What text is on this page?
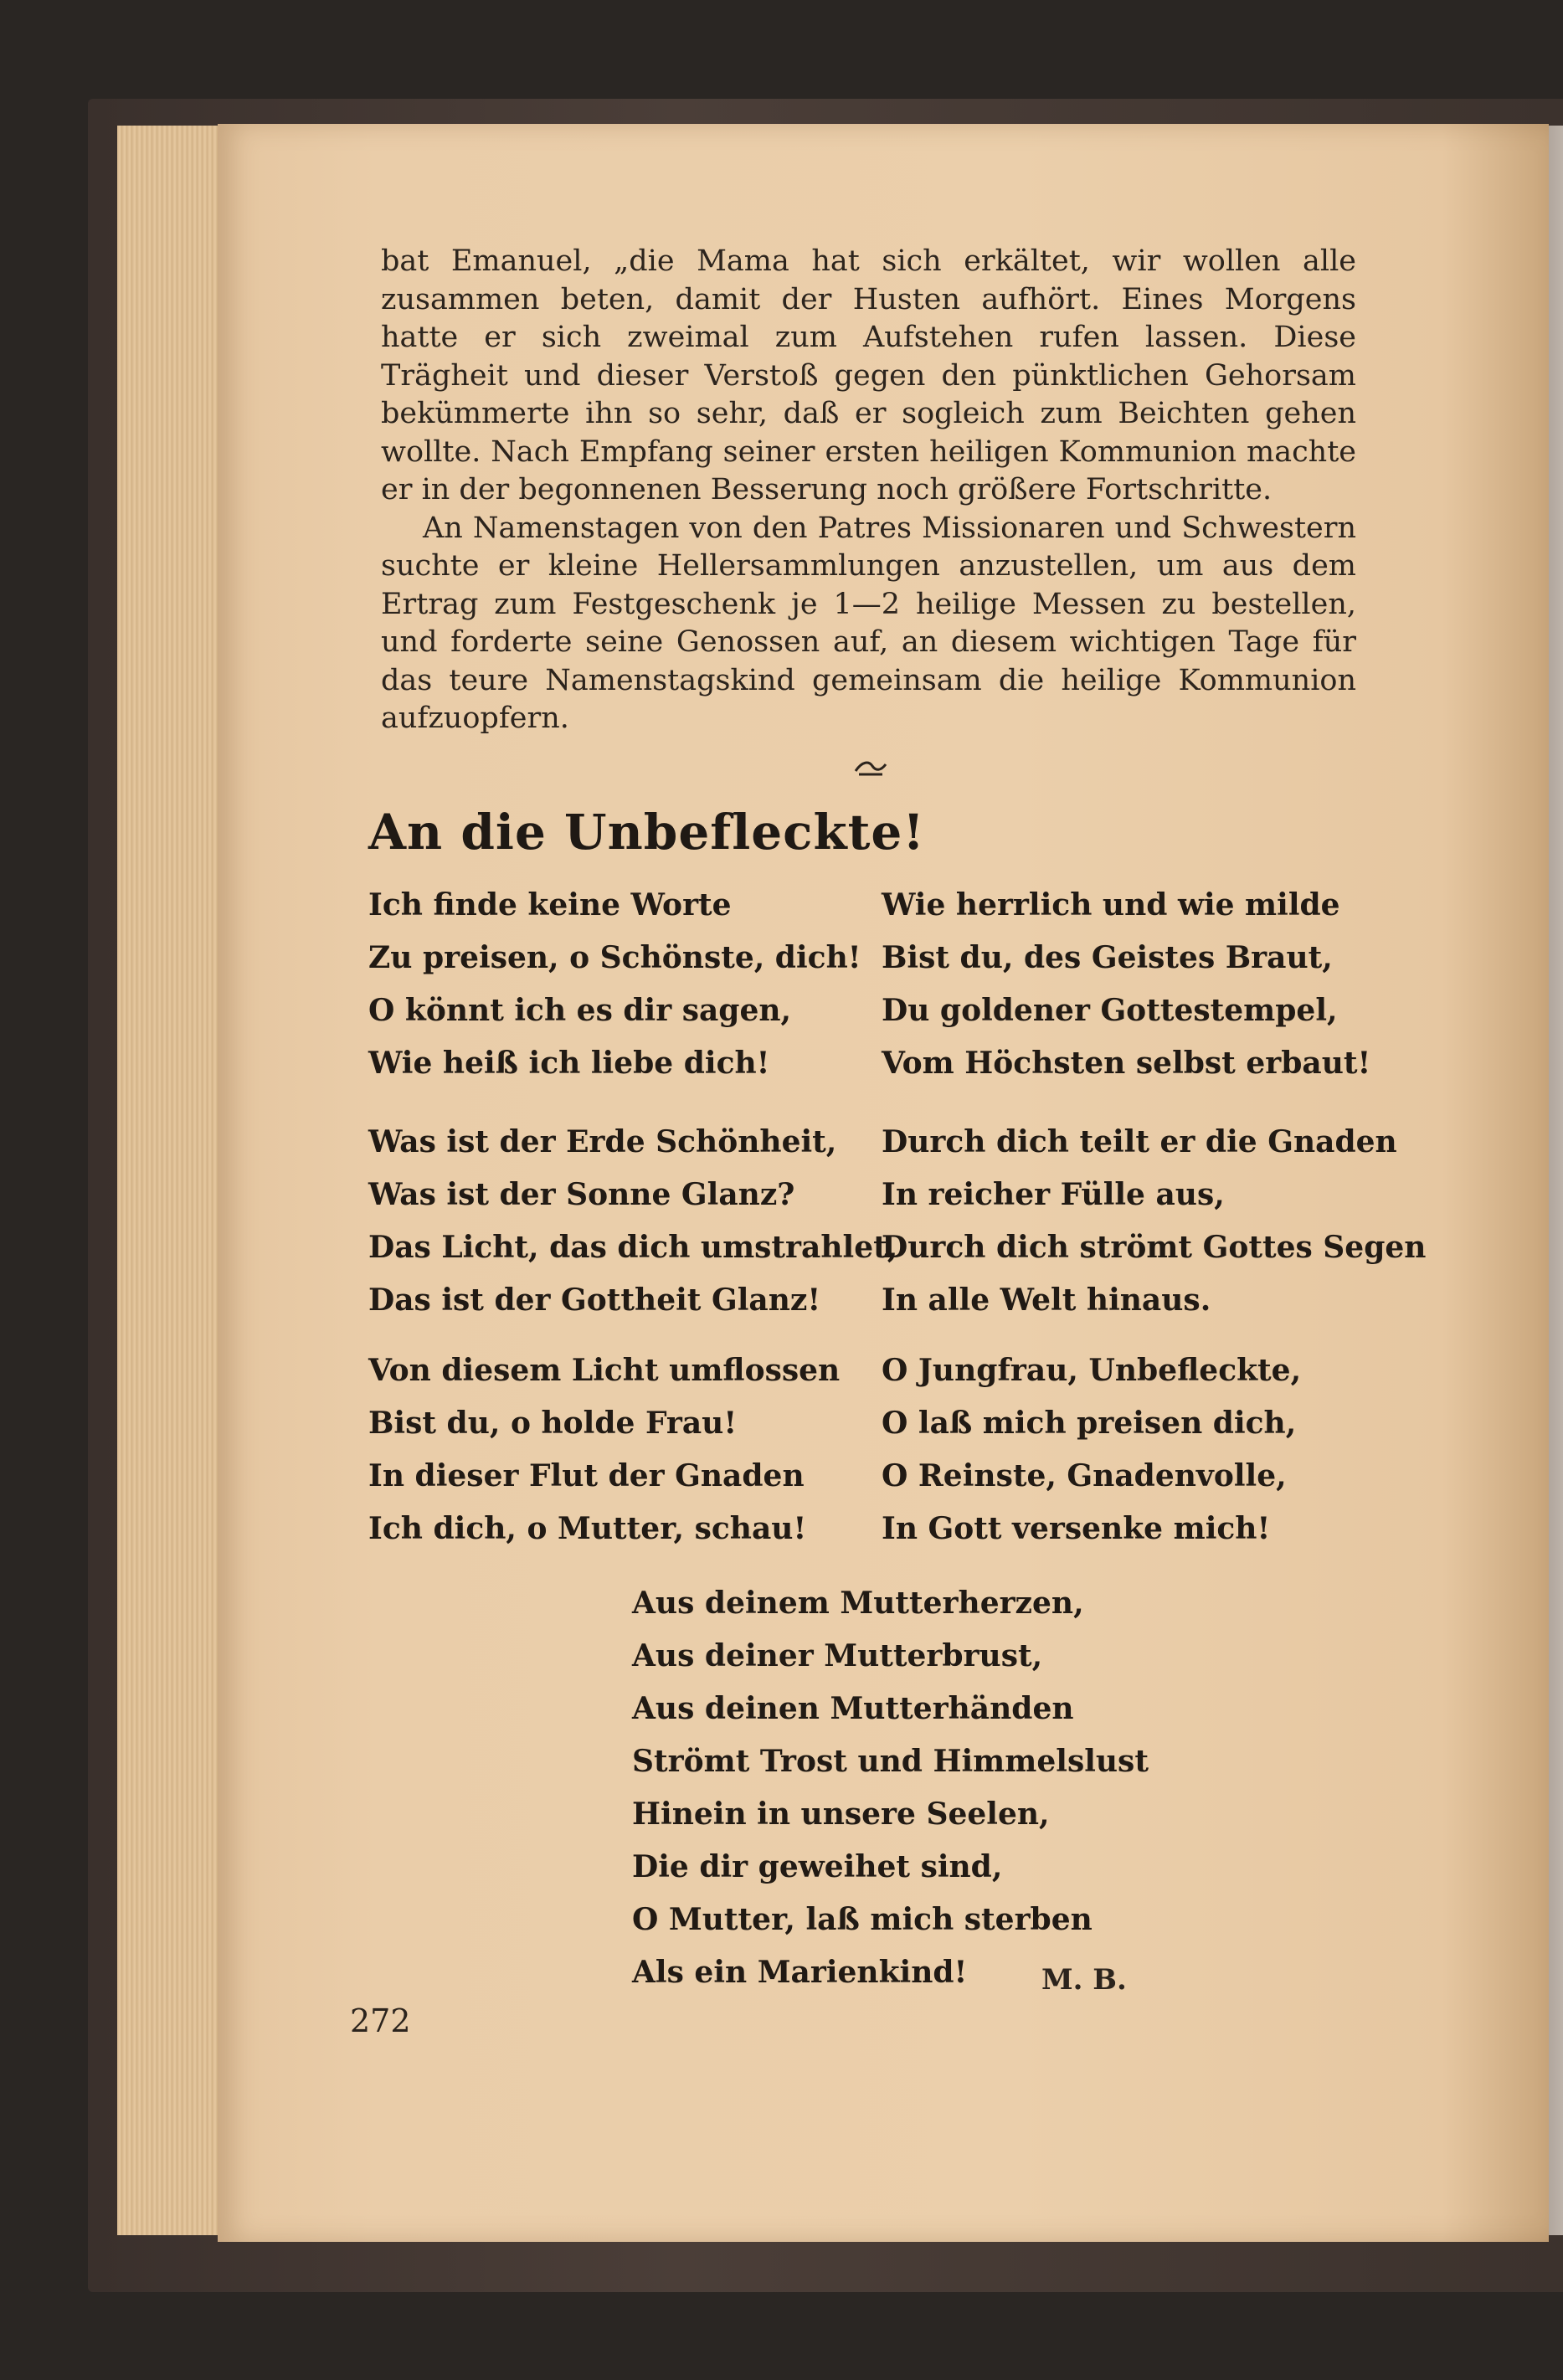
bat Emanuel, „die Mama hat sich erkältet, wir wollen alle zusammen beten, damit der Husten aufhört. Eines Morgens hatte er sich zweimal zum Aufstehen rufen lassen. Diese Trägheit und dieser Verstoß gegen den pünktlichen Gehorsam bekümmerte ihn so sehr, daß er sogleich zum Beichten gehen wollte. Nach Empfang seiner ersten heiligen Kommunion machte er in der begonnenen Besserung noch größere Fortschritte.

An Namenstagen von den Patres Missionaren und Schwestern suchte er kleine Hellersammlungen anzustellen, um aus dem Ertrag zum Festgeschenk je 1—2 heilige Messen zu bestellen, und forderte seine Genossen auf, an diesem wichtigen Tage für das teure Namenstagskind gemeinsam die heilige Kommunion aufzuopfern.

An die Unbefleckte!
Ich finde keine Worte
Zu preisen, o Schönste, dich!
O könnt ich es dir sagen,
Wie heiß ich liebe dich!
Wie herrlich und wie milde
Bist du, des Geistes Braut,
Du goldener Gottestempel,
Vom Höchsten selbst erbaut!
Was ist der Erde Schönheit,
Was ist der Sonne Glanz?
Das Licht, das dich umstrahlet,
Das ist der Gottheit Glanz!
Durch dich teilt er die Gnaden
In reicher Fülle aus,
Durch dich strömt Gottes Segen
In alle Welt hinaus.
Von diesem Licht umflossen
Bist du, o holde Frau!
In dieser Flut der Gnaden
Ich dich, o Mutter, schau!
O Jungfrau, Unbefleckte,
O laß mich preisen dich,
O Reinste, Gnadenvolle,
In Gott versenke mich!
Aus deinem Mutterherzen,
Aus deiner Mutterbrust,
Aus deinen Mutterhänden
Strömt Trost und Himmelslust
Hinein in unsere Seelen,
Die dir geweihet sind,
O Mutter, laß mich sterben
Als ein Marienkind!	M. B.
272
